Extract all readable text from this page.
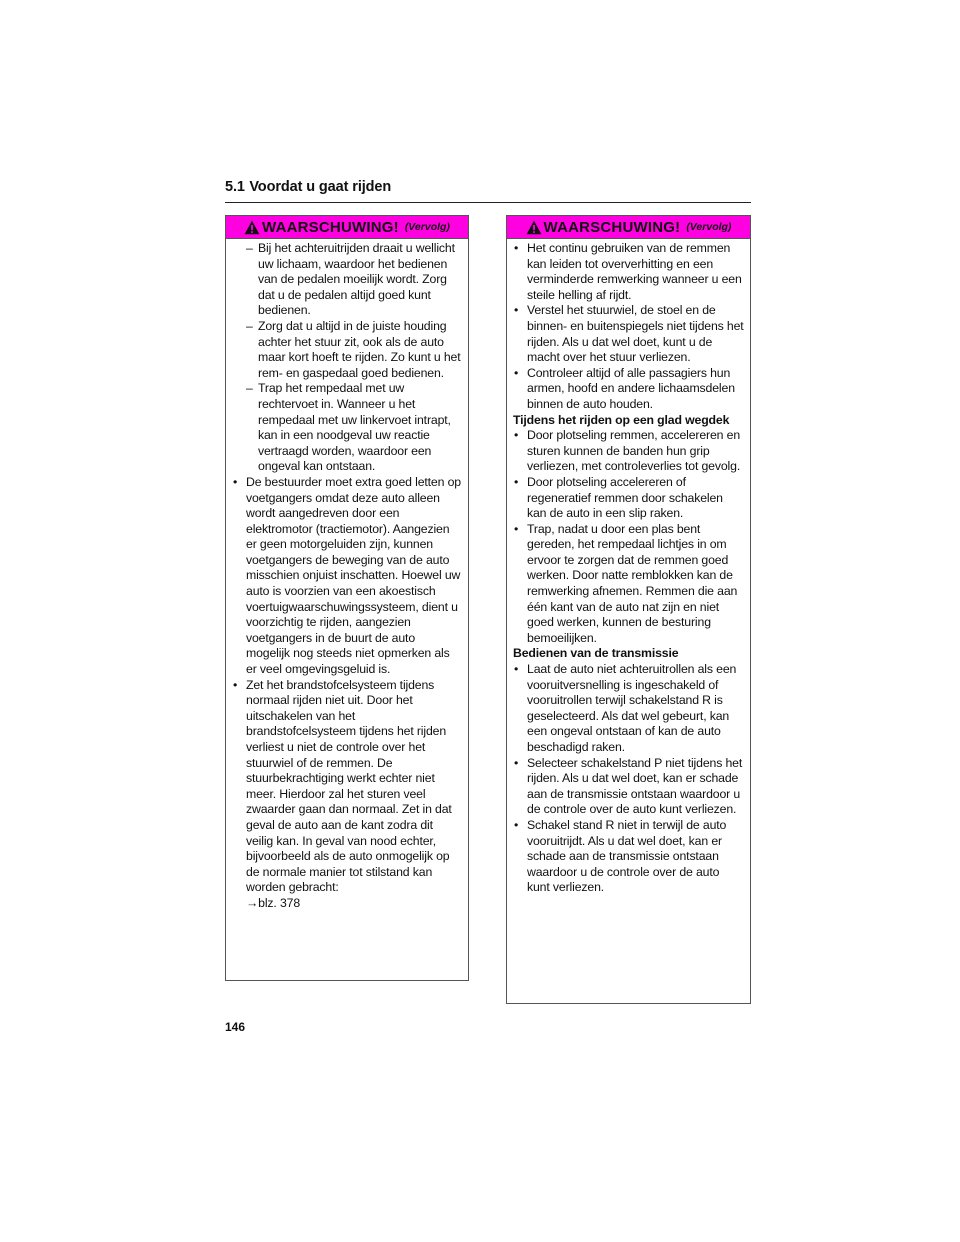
5.1 Voordat u gaat rijden
WAARSCHUWING! (Vervolg)
– Bij het achteruitrijden draait u wellicht uw lichaam, waardoor het bedienen van de pedalen moeilijk wordt. Zorg dat u de pedalen altijd goed kunt bedienen.
– Zorg dat u altijd in de juiste houding achter het stuur zit, ook als de auto maar kort hoeft te rijden. Zo kunt u het rem- en gaspedaal goed bedienen.
– Trap het rempedaal met uw rechtervoet in. Wanneer u het rempedaal met uw linkervoet intrapt, kan in een noodgeval uw reactie vertraagd worden, waardoor een ongeval kan ontstaan.
• De bestuurder moet extra goed letten op voetgangers omdat deze auto alleen wordt aangedreven door een elektromotor (tractiemotor). Aangezien er geen motorgeluiden zijn, kunnen voetgangers de beweging van de auto misschien onjuist inschatten. Hoewel uw auto is voorzien van een akoestisch voertuigwaarschuwingssysteem, dient u voorzichtig te rijden, aangezien voetgangers in de buurt de auto mogelijk nog steeds niet opmerken als er veel omgevingsgeluid is.
• Zet het brandstofcelsysteem tijdens normaal rijden niet uit. Door het uitschakelen van het brandstofcelsysteem tijdens het rijden verliest u niet de controle over het stuurwiel of de remmen. De stuurbekrachtiging werkt echter niet meer. Hierdoor zal het sturen veel zwaarder gaan dan normaal. Zet in dat geval de auto aan de kant zodra dit veilig kan. In geval van nood echter, bijvoorbeeld als de auto onmogelijk op de normale manier tot stilstand kan worden gebracht:
→blz. 378
WAARSCHUWING! (Vervolg)
• Het continu gebruiken van de remmen kan leiden tot oververhitting en een verminderde remwerking wanneer u een steile helling af rijdt.
• Verstel het stuurwiel, de stoel en de binnen- en buitenspiegels niet tijdens het rijden. Als u dat wel doet, kunt u de macht over het stuur verliezen.
• Controleer altijd of alle passagiers hun armen, hoofd en andere lichaamsdelen binnen de auto houden.
Tijdens het rijden op een glad wegdek
• Door plotseling remmen, accelereren en sturen kunnen de banden hun grip verliezen, met controleverlies tot gevolg.
• Door plotseling accelereren of regeneratief remmen door schakelen kan de auto in een slip raken.
• Trap, nadat u door een plas bent gereden, het rempedaal lichtjes in om ervoor te zorgen dat de remmen goed werken. Door natte remblokken kan de remwerking afnemen. Remmen die aan één kant van de auto nat zijn en niet goed werken, kunnen de besturing bemoeilijken.
Bedienen van de transmissie
• Laat de auto niet achteruitrollen als een vooruitversnelling is ingeschakeld of vooruitrollen terwijl schakelstand R is geselecteerd. Als dat wel gebeurt, kan een ongeval ontstaan of kan de auto beschadigd raken.
• Selecteer schakelstand P niet tijdens het rijden. Als u dat wel doet, kan er schade aan de transmissie ontstaan waardoor u de controle over de auto kunt verliezen.
• Schakel stand R niet in terwijl de auto vooruitrijdt. Als u dat wel doet, kan er schade aan de transmissie ontstaan waardoor u de controle over de auto kunt verliezen.
146
